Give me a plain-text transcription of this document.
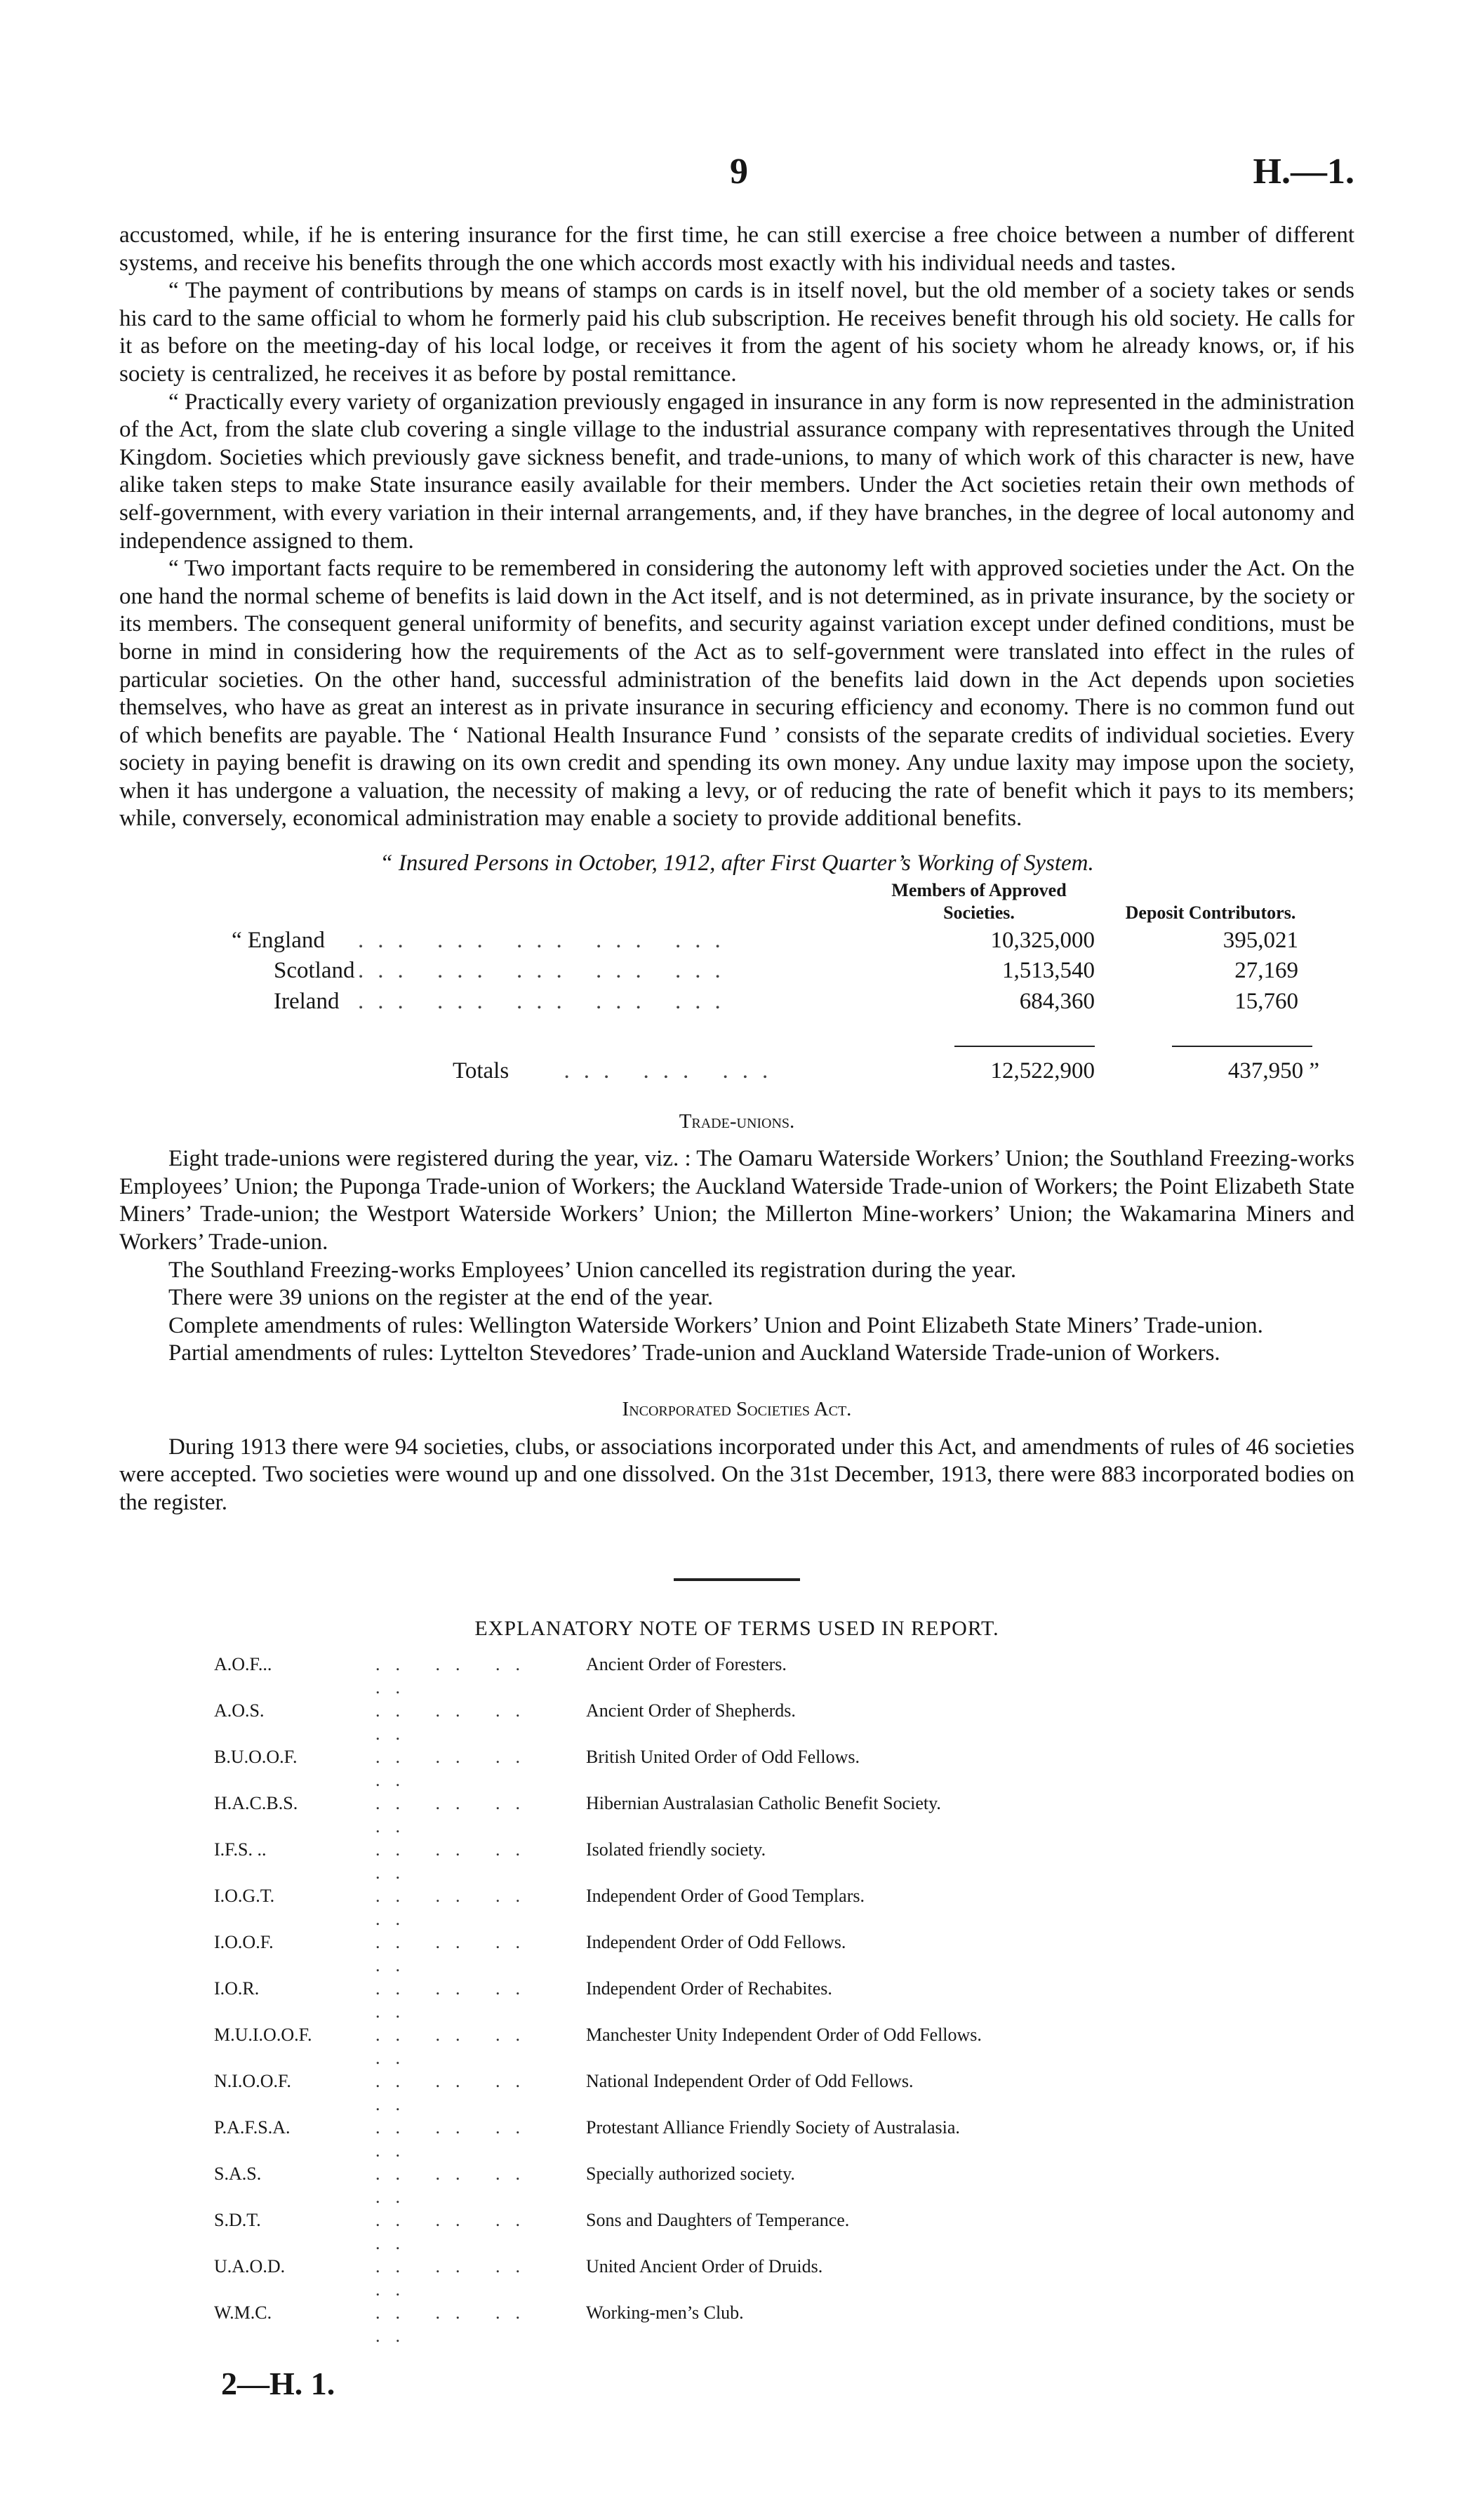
9	H.—1.

accustomed, while, if he is entering insurance for the first time, he can still exercise a free choice between a number of different systems, and receive his benefits through the one which accords most exactly with his individual needs and tastes.

“ The payment of contributions by means of stamps on cards is in itself novel, but the old member of a society takes or sends his card to the same official to whom he formerly paid his club subscription. He receives benefit through his old society. He calls for it as before on the meeting-day of his local lodge, or receives it from the agent of his society whom he already knows, or, if his society is centralized, he receives it as before by postal remittance.

“ Practically every variety of organization previously engaged in insurance in any form is now represented in the administration of the Act, from the slate club covering a single village to the industrial assurance company with representatives through the United Kingdom. Societies which previously gave sickness benefit, and trade-unions, to many of which work of this character is new, have alike taken steps to make State insurance easily available for their members. Under the Act societies retain their own methods of self-government, with every variation in their internal arrangements, and, if they have branches, in the degree of local autonomy and independence assigned to them.

“ Two important facts require to be remembered in considering the autonomy left with approved societies under the Act. On the one hand the normal scheme of benefits is laid down in the Act itself, and is not determined, as in private insurance, by the society or its members. The consequent general uniformity of benefits, and security against variation except under defined conditions, must be borne in mind in considering how the requirements of the Act as to self-government were translated into effect in the rules of particular societies. On the other hand, successful administration of the benefits laid down in the Act depends upon societies themselves, who have as great an interest as in private insurance in securing efficiency and economy. There is no common fund out of which benefits are payable. The ‘ National Health Insurance Fund ’ consists of the separate credits of individual societies. Every society in paying benefit is drawing on its own credit and spending its own money. Any undue laxity may impose upon the society, when it has undergone a valuation, the necessity of making a levy, or of reducing the rate of benefit which it pays to its members; while, conversely, economical administration may enable a society to provide additional benefits.

“ Insured Persons in October, 1912, after First Quarter’s Working of System.

		Members of Approved Societies.	Deposit Contributors.
“ England	... ... ... ... ...	10,325,000	395,021
Scotland	... ... ... ... ...	1,513,540	27,169
Ireland	... ... ... ... ...	684,360	15,760

	Totals ... ... ...	12,522,900	437,950 ”
Trade-unions.

Eight trade-unions were registered during the year, viz. : The Oamaru Waterside Workers’ Union; the Southland Freezing-works Employees’ Union; the Puponga Trade-union of Workers; the Auckland Waterside Trade-union of Workers; the Point Elizabeth State Miners’ Trade-union; the Westport Waterside Workers’ Union; the Millerton Mine-workers’ Union; the Wakamarina Miners and Workers’ Trade-union.

The Southland Freezing-works Employees’ Union cancelled its registration during the year.

There were 39 unions on the register at the end of the year.

Complete amendments of rules: Wellington Waterside Workers’ Union and Point Elizabeth State Miners’ Trade-union.

Partial amendments of rules: Lyttelton Stevedores’ Trade-union and Auckland Waterside Trade-union of Workers.

Incorporated Societies Act.

During 1913 there were 94 societies, clubs, or associations incorporated under this Act, and amendments of rules of 46 societies were accepted. Two societies were wound up and one dissolved. On the 31st December, 1913, there were 883 incorporated bodies on the register.

EXPLANATORY NOTE OF TERMS USED IN REPORT.
A.O.F...	.. .. .. ..	Ancient Order of Foresters.
A.O.S.	.. .. .. ..	Ancient Order of Shepherds.
B.U.O.O.F.	.. .. .. ..	British United Order of Odd Fellows.
H.A.C.B.S.	.. .. .. ..	Hibernian Australasian Catholic Benefit Society.
I.F.S. ..	.. .. .. ..	Isolated friendly society.
I.O.G.T.	.. .. .. ..	Independent Order of Good Templars.
I.O.O.F.	.. .. .. ..	Independent Order of Odd Fellows.
I.O.R.	.. .. .. ..	Independent Order of Rechabites.
M.U.I.O.O.F.	.. .. .. ..	Manchester Unity Independent Order of Odd Fellows.
N.I.O.O.F.	.. .. .. ..	National Independent Order of Odd Fellows.
P.A.F.S.A.	.. .. .. ..	Protestant Alliance Friendly Society of Australasia.
S.A.S.	.. .. .. ..	Specially authorized society.
S.D.T.	.. .. .. ..	Sons and Daughters of Temperance.
U.A.O.D.	.. .. .. ..	United Ancient Order of Druids.
W.M.C.	.. .. .. ..	Working-men’s Club.
2—H. 1.
